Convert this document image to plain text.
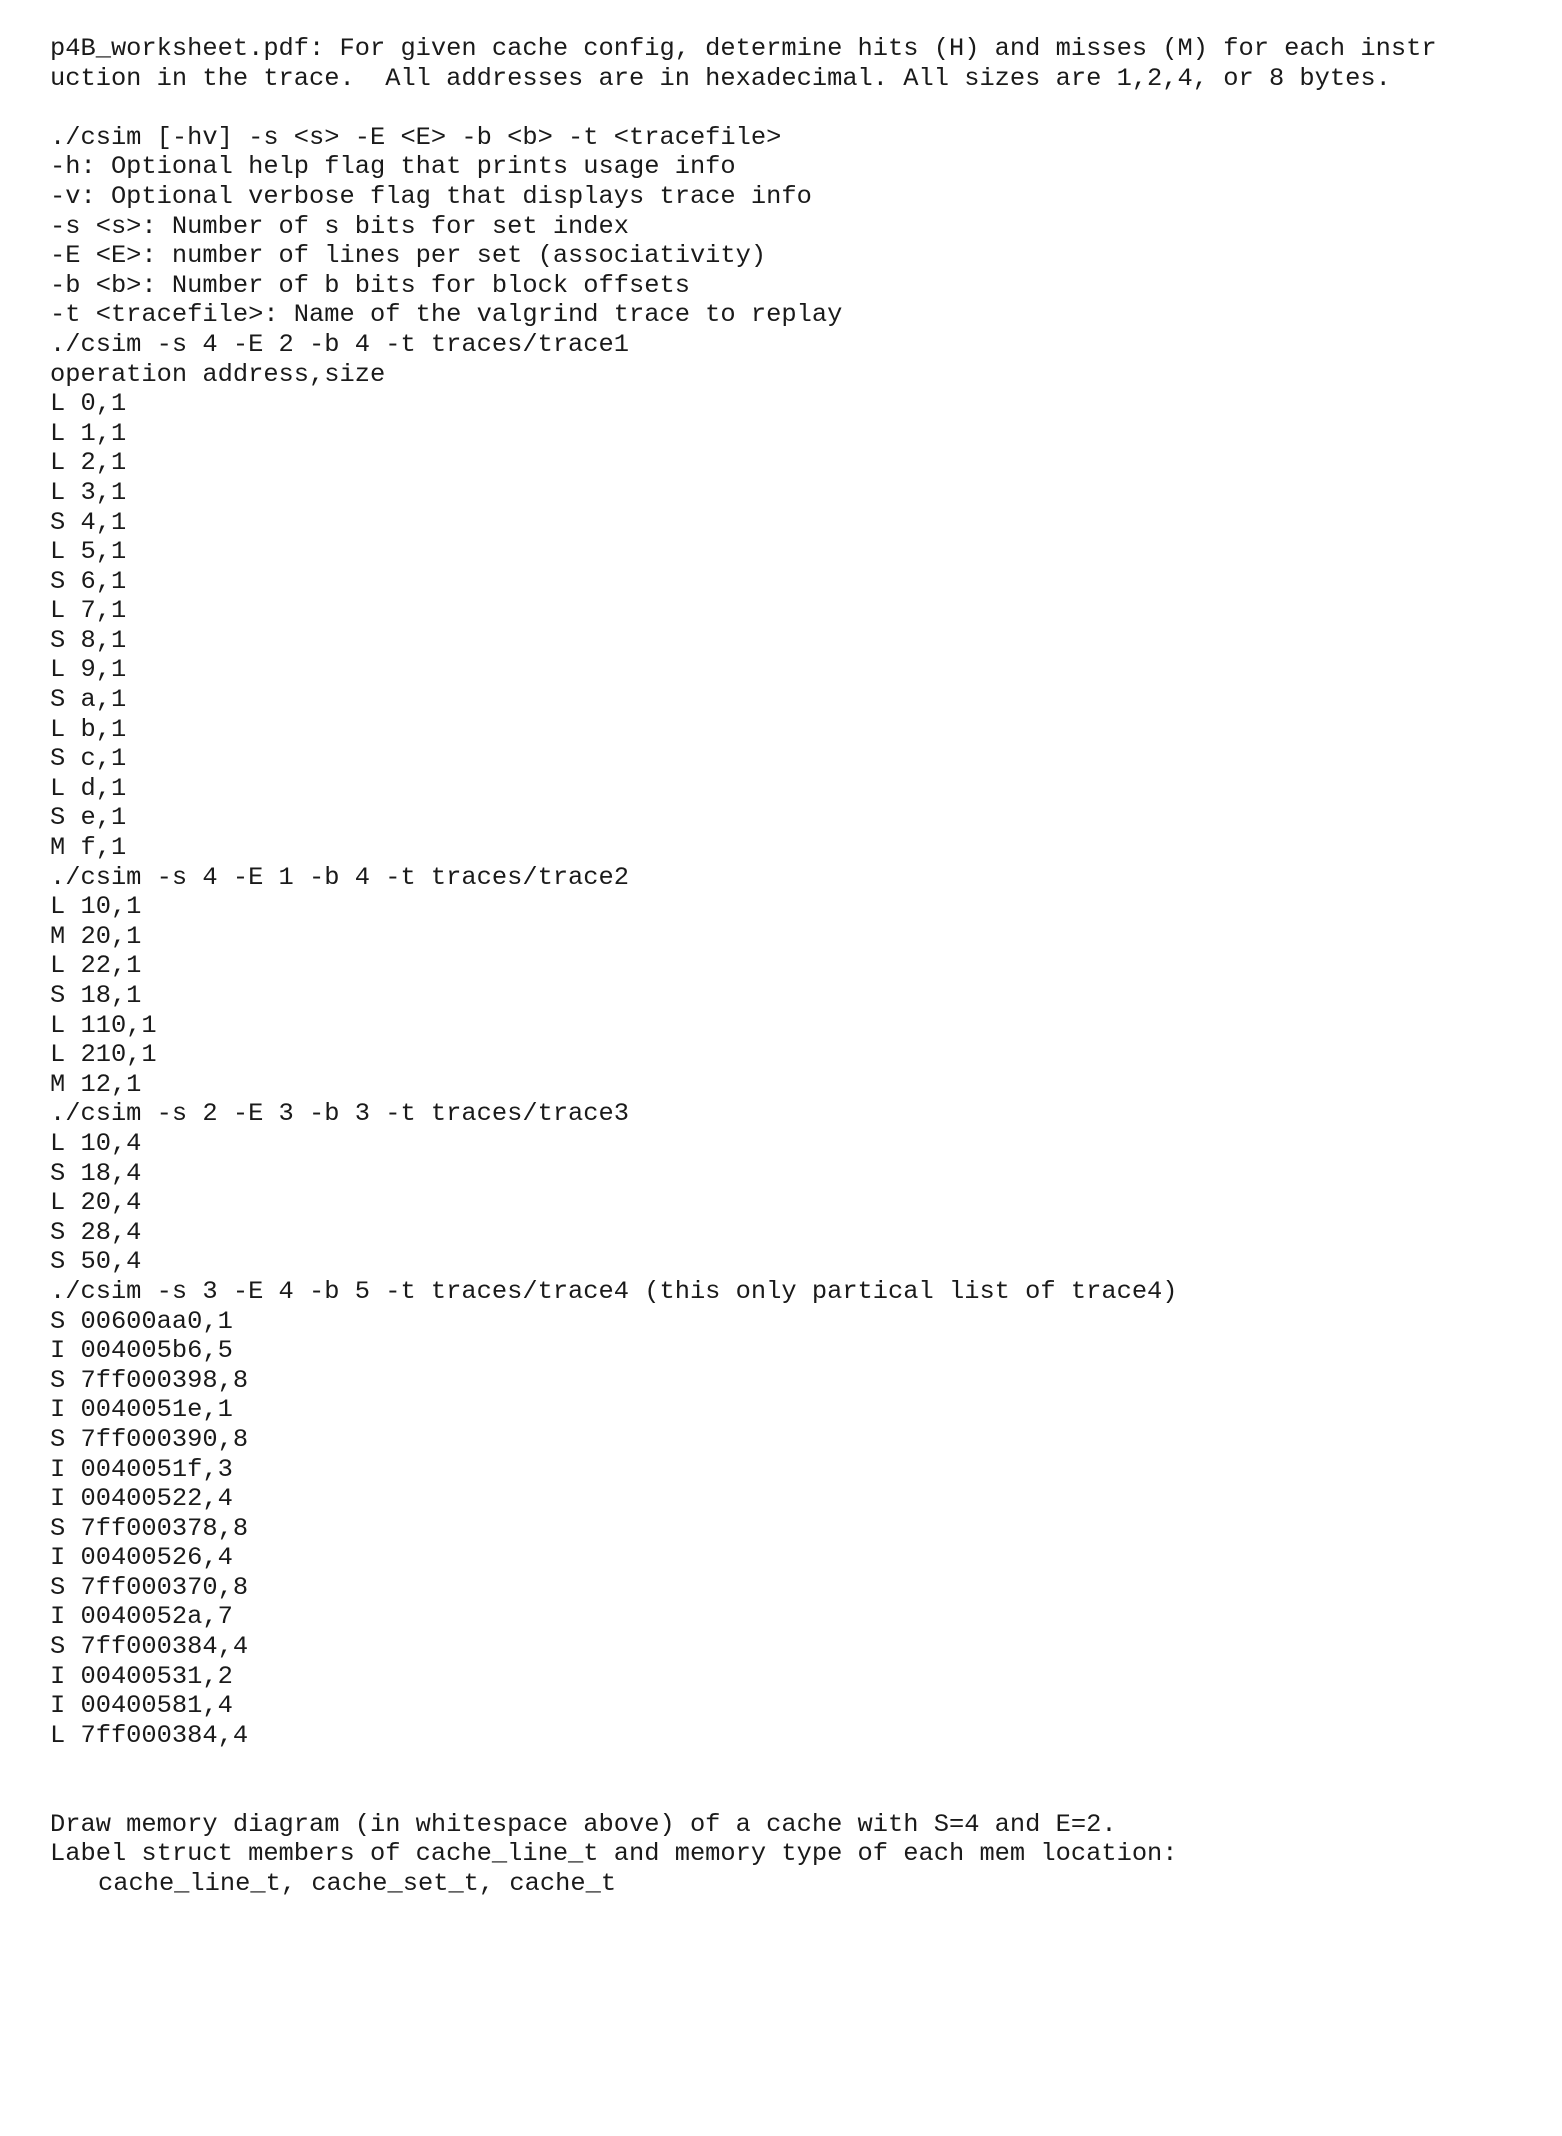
p4B_worksheet.pdf: For given cache config, determine hits (H) and misses (M) for each instr
uction in the trace.  All addresses are in hexadecimal. All sizes are 1,2,4, or 8 bytes.
./csim [-hv] -s <s> -E <E> -b <b> -t <tracefile>
-h: Optional help flag that prints usage info
-v: Optional verbose flag that displays trace info
-s <s>: Number of s bits for set index
-E <E>: number of lines per set (associativity)
-b <b>: Number of b bits for block offsets
-t <tracefile>: Name of the valgrind trace to replay
./csim -s 4 -E 2 -b 4 -t traces/trace1
operation address,size
L 0,1
L 1,1
L 2,1
L 3,1
S 4,1
L 5,1
S 6,1
L 7,1
S 8,1
L 9,1
S a,1
L b,1
S c,1
L d,1
S e,1
M f,1
./csim -s 4 -E 1 -b 4 -t traces/trace2
L 10,1
M 20,1
L 22,1
S 18,1
L 110,1
L 210,1
M 12,1
./csim -s 2 -E 3 -b 3 -t traces/trace3
L 10,4
S 18,4
L 20,4
S 28,4
S 50,4
./csim -s 3 -E 4 -b 5 -t traces/trace4 (this only partical list of trace4)
S 00600aa0,1
I 004005b6,5
S 7ff000398,8
I 0040051e,1
S 7ff000390,8
I 0040051f,3
I 00400522,4
S 7ff000378,8
I 00400526,4
S 7ff000370,8
I 0040052a,7
S 7ff000384,4
I 00400531,2
I 00400581,4
L 7ff000384,4
Draw memory diagram (in whitespace above) of a cache with S=4 and E=2.
Label struct members of cache_line_t and memory type of each mem location:
cache_line_t, cache_set_t, cache_t
